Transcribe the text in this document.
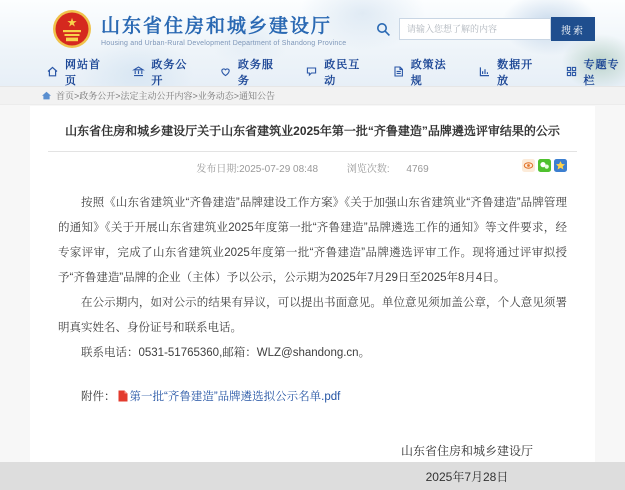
★ 山东省住房和城乡建设厅
Housing and Urban-Rural Development Department of Shandong Province
请输入您想了解的内容
搜索
网站首页
政务公开
政务服务
政民互动
政策法规
数据开放
专题专栏
首页>政务公开>法定主动公开内容>业务动态>通知公告
山东省住房和城乡建设厅关于山东省建筑业2025年第一批“齐鲁建造”品牌遴选评审结果的公示
发布日期:2025-07-29 08:48	浏览次数: 4769

按照《山东省建筑业“齐鲁建造”品牌建设工作方案》《关于加强山东省建筑业“齐鲁建造”品牌管理的通知》《关于开展山东省建筑业2025年度第一批“齐鲁建造”品牌遴选工作的通知》等文件要求，经专家评审，完成了山东省建筑业2025年度第一批“齐鲁建造”品牌遴选评审工作。现将通过评审拟授予“齐鲁建造”品牌的企业（主体）予以公示，公示期为2025年7月29日至2025年8月4日。

在公示期内，如对公示的结果有异议，可以提出书面意见。单位意见须加盖公章，个人意见须署明真实姓名、身份证号和联系电话。

联系电话：0531-51765360,邮箱：WLZ@shandong.cn。

附件： 第一批“齐鲁建造”品牌遴选拟公示名单.pdf
山东省住房和城乡建设厅
2025年7月28日
